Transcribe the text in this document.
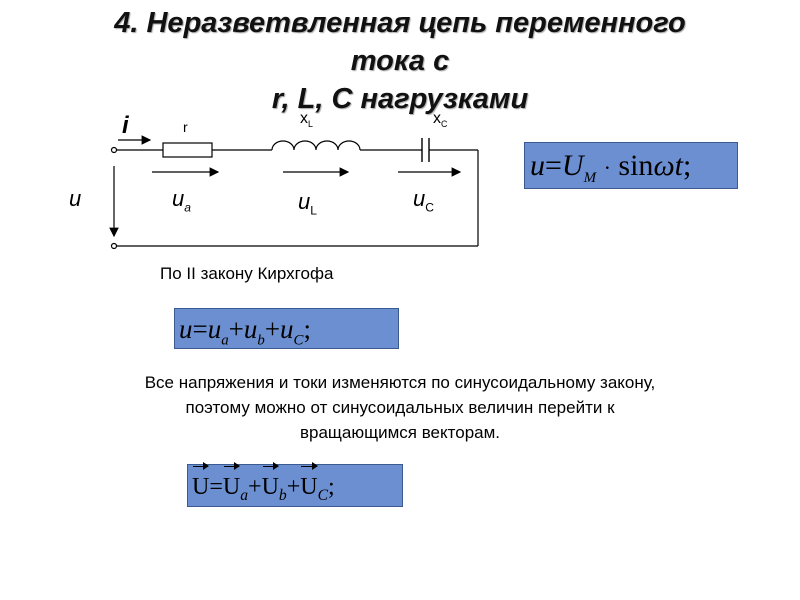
4. Неразветвленная цепь переменного
тока с
r, L, C нагрузками
i	r	$x_L$	$x_C$
u	$u_a$	$u_L$	$u_C$
$u=U_M \cdot \sin\omega t$;
По II закону Кирхгофа
$u=u_a+u_b+u_C$;
Все напряжения и токи изменяются по синусоидальному закону,
поэтому можно от синусоидальных величин перейти к
вращающимся векторам.
$U=U_a+U_b+U_C$;
